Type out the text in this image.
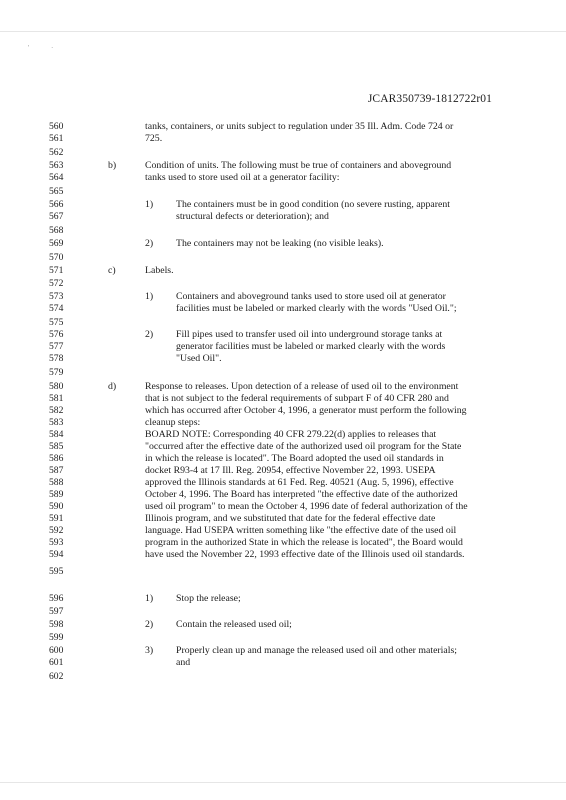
' ·
JCAR350739-1812722r01
560
561
562
563
564
565
566
567
568
569
570
571
572
573
574
575
576
577
578
579
580
581
582
583
584
585
586
587
588
589
590
591
592
593
594
595
596
597
598
599
600
601
602
b)
c)
d)
1)
2)
1)
2)
1)
2)
3)
tanks, containers, or units subject to regulation under 35 Ill. Adm. Code 724 or
725.
Condition of units. The following must be true of containers and aboveground
tanks used to store used oil at a generator facility:
The containers must be in good condition (no severe rusting, apparent
structural defects or deterioration); and
The containers may not be leaking (no visible leaks).
Labels.
Containers and aboveground tanks used to store used oil at generator
facilities must be labeled or marked clearly with the words "Used Oil.";
Fill pipes used to transfer used oil into underground storage tanks at
generator facilities must be labeled or marked clearly with the words
"Used Oil".
Response to releases. Upon detection of a release of used oil to the environment
that is not subject to the federal requirements of subpart F of 40 CFR 280 and
which has occurred after October 4, 1996, a generator must perform the following
cleanup steps:
BOARD NOTE: Corresponding 40 CFR 279.22(d) applies to releases that
"occurred after the effective date of the authorized used oil program for the State
in which the release is located". The Board adopted the used oil standards in
docket R93-4 at 17 Ill. Reg. 20954, effective November 22, 1993. USEPA
approved the Illinois standards at 61 Fed. Reg. 40521 (Aug. 5, 1996), effective
October 4, 1996. The Board has interpreted "the effective date of the authorized
used oil program" to mean the October 4, 1996 date of federal authorization of the
Illinois program, and we substituted that date for the federal effective date
language. Had USEPA written something like "the effective date of the used oil
program in the authorized State in which the release is located", the Board would
have used the November 22, 1993 effective date of the Illinois used oil standards.
Stop the release;
Contain the released used oil;
Properly clean up and manage the released used oil and other materials;
and
